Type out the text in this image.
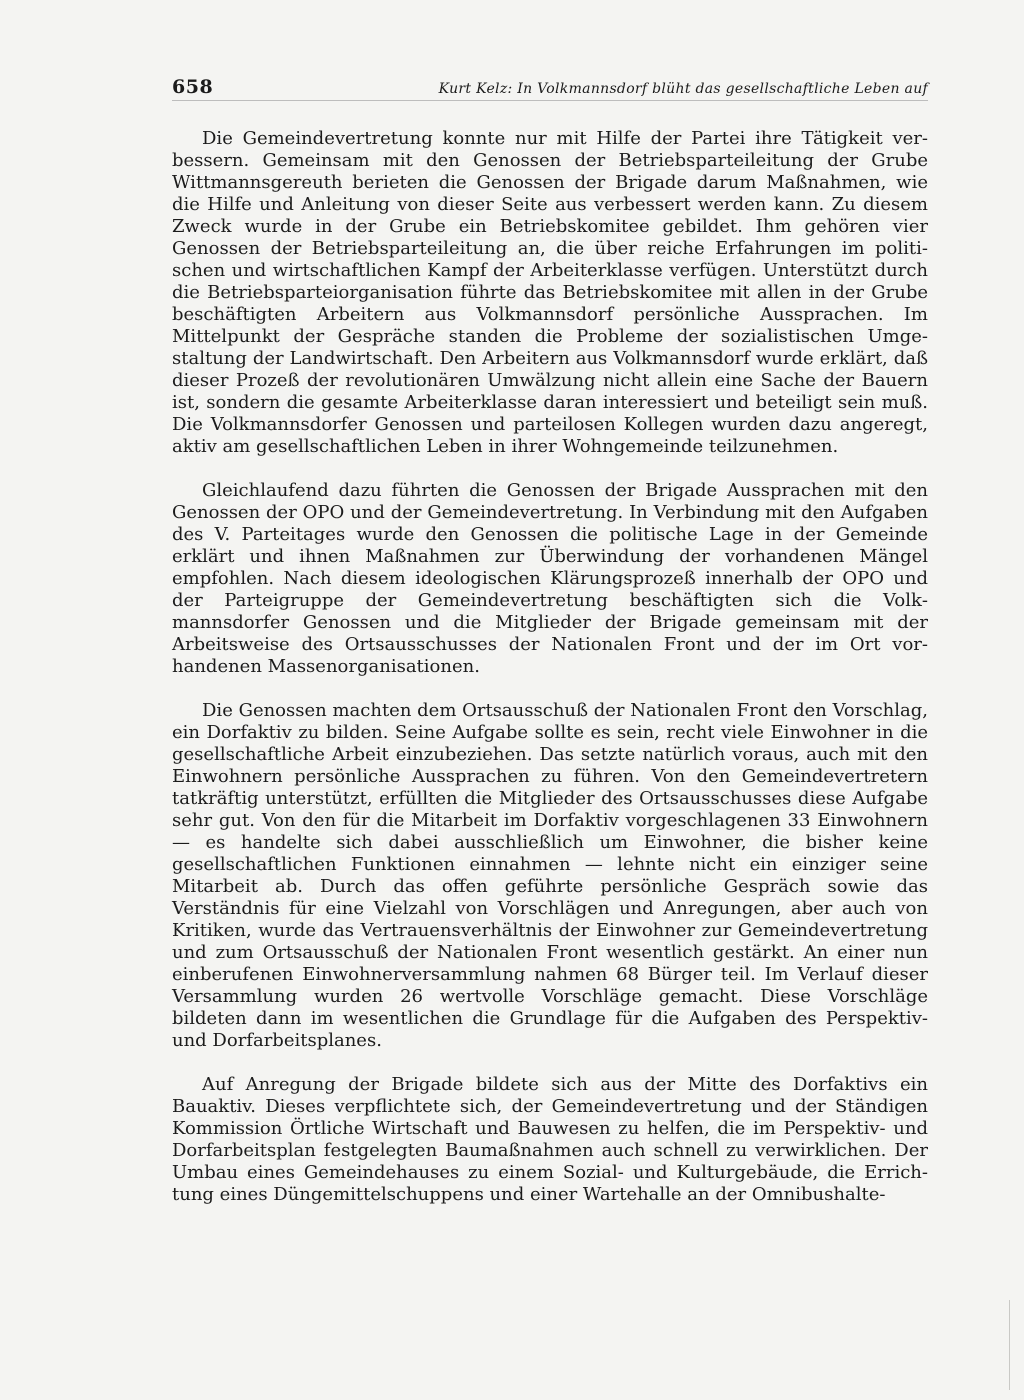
658	Kurt Kelz: In Volkmannsdorf blüht das gesellschaftliche Leben auf

Die Gemeindevertretung konnte nur mit Hilfe der Partei ihre Tätigkeit verbessern. Gemeinsam mit den Genossen der Betriebsparteileitung der Grube Wittmannsgereuth berieten die Genossen der Brigade darum Maßnahmen, wie die Hilfe und Anleitung von dieser Seite aus verbessert werden kann. Zu diesem Zweck wurde in der Grube ein Betriebskomitee gebildet. Ihm gehören vier Genossen der Betriebsparteileitung an, die über reiche Erfahrungen im politischen und wirtschaftlichen Kampf der Arbeiterklasse verfügen. Unterstützt durch die Betriebsparteiorganisation führte das Betriebskomitee mit allen in der Grube beschäftigten Arbeitern aus Volkmannsdorf persönliche Aussprachen. Im Mittelpunkt der Gespräche standen die Probleme der sozialistischen Umgestaltung der Landwirtschaft. Den Arbeitern aus Volkmannsdorf wurde erklärt, daß dieser Prozeß der revolutionären Umwälzung nicht allein eine Sache der Bauern ist, sondern die gesamte Arbeiterklasse daran interessiert und beteiligt sein muß. Die Volkmannsdorfer Genossen und parteilosen Kollegen wurden dazu angeregt, aktiv am gesellschaftlichen Leben in ihrer Wohngemeinde teilzunehmen.

Gleichlaufend dazu führten die Genossen der Brigade Aussprachen mit den Genossen der OPO und der Gemeindevertretung. In Verbindung mit den Aufgaben des V. Parteitages wurde den Genossen die politische Lage in der Gemeinde erklärt und ihnen Maßnahmen zur Überwindung der vorhandenen Mängel empfohlen. Nach diesem ideologischen Klärungsprozeß innerhalb der OPO und der Parteigruppe der Gemeindevertretung beschäftigten sich die Volkmannsdorfer Genossen und die Mitglieder der Brigade gemeinsam mit der Arbeitsweise des Ortsausschusses der Nationalen Front und der im Ort vorhandenen Massenorganisationen.

Die Genossen machten dem Ortsausschuß der Nationalen Front den Vorschlag, ein Dorfaktiv zu bilden. Seine Aufgabe sollte es sein, recht viele Einwohner in die gesellschaftliche Arbeit einzubeziehen. Das setzte natürlich voraus, auch mit den Einwohnern persönliche Aussprachen zu führen. Von den Gemeindevertretern tatkräftig unterstützt, erfüllten die Mitglieder des Ortsausschusses diese Aufgabe sehr gut. Von den für die Mitarbeit im Dorfaktiv vorgeschlagenen 33 Einwohnern — es handelte sich dabei ausschließlich um Einwohner, die bisher keine gesellschaftlichen Funktionen einnahmen — lehnte nicht ein einziger seine Mitarbeit ab. Durch das offen geführte persönliche Gespräch sowie das Verständnis für eine Vielzahl von Vorschlägen und Anregungen, aber auch von Kritiken, wurde das Vertrauensverhältnis der Einwohner zur Gemeindevertretung und zum Ortsausschuß der Nationalen Front wesentlich gestärkt. An einer nun einberufenen Einwohnerversammlung nahmen 68 Bürger teil. Im Verlauf dieser Versammlung wurden 26 wertvolle Vorschläge gemacht. Diese Vorschläge bildeten dann im wesentlichen die Grundlage für die Aufgaben des Perspektiv- und Dorfarbeitsplanes.

Auf Anregung der Brigade bildete sich aus der Mitte des Dorfaktivs ein Bauaktiv. Dieses verpflichtete sich, der Gemeindevertretung und der Ständigen Kommission Örtliche Wirtschaft und Bauwesen zu helfen, die im Perspektiv- und Dorfarbeitsplan festgelegten Baumaßnahmen auch schnell zu verwirklichen. Der Umbau eines Gemeindehauses zu einem Sozial- und Kulturgebäude, die Errichtung eines Düngemittelschuppens und einer Wartehalle an der Omnibushalte-
